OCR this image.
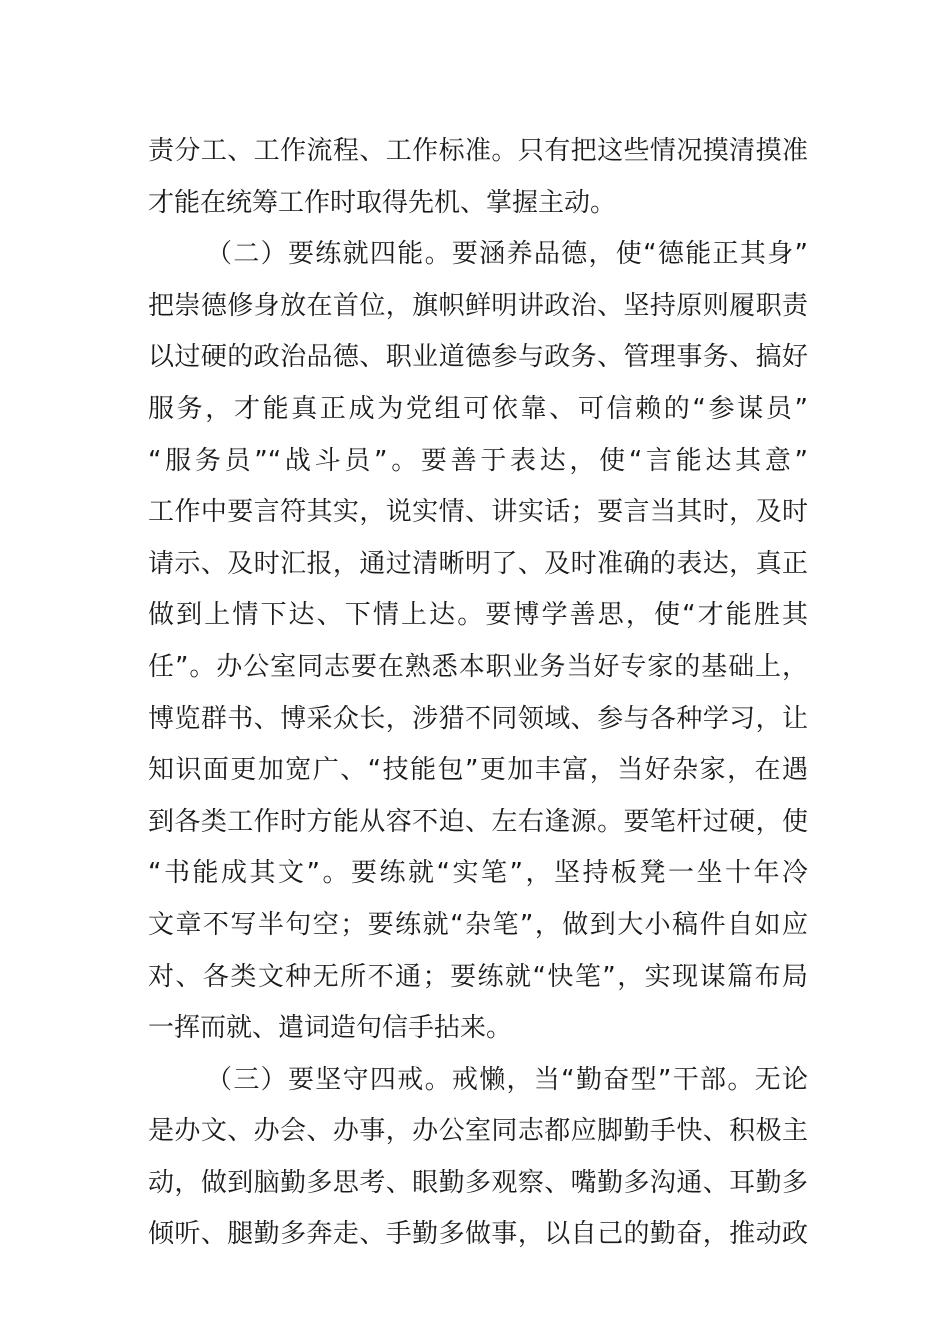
责分工、工作流程、工作标准。只有把这些情况摸清摸准
才能在统筹工作时取得先机、掌握主动。
（二）要练就四能。要涵养品德，使“德能正其身”
把崇德修身放在首位，旗帜鲜明讲政治、坚持原则履职责
以过硬的政治品德、职业道德参与政务、管理事务、搞好
服务，才能真正成为党组可依靠、可信赖的“参谋员”
“服务员”“战斗员”。要善于表达，使“言能达其意”
工作中要言符其实，说实情、讲实话；要言当其时，及时
请示、及时汇报，通过清晰明了、及时准确的表达，真正
做到上情下达、下情上达。要博学善思，使“才能胜其
任”。办公室同志要在熟悉本职业务当好专家的基础上，
博览群书、博采众长，涉猎不同领域、参与各种学习，让
知识面更加宽广、“技能包”更加丰富，当好杂家，在遇
到各类工作时方能从容不迫、左右逢源。要笔杆过硬，使
“书能成其文”。要练就“实笔”，坚持板凳一坐十年冷
文章不写半句空；要练就“杂笔”，做到大小稿件自如应
对、各类文种无所不通；要练就“快笔”，实现谋篇布局
一挥而就、遣词造句信手拈来。
（三）要坚守四戒。戒懒，当“勤奋型”干部。无论
是办文、办会、办事，办公室同志都应脚勤手快、积极主
动，做到脑勤多思考、眼勤多观察、嘴勤多沟通、耳勤多
倾听、腿勤多奔走、手勤多做事，以自己的勤奋，推动政
